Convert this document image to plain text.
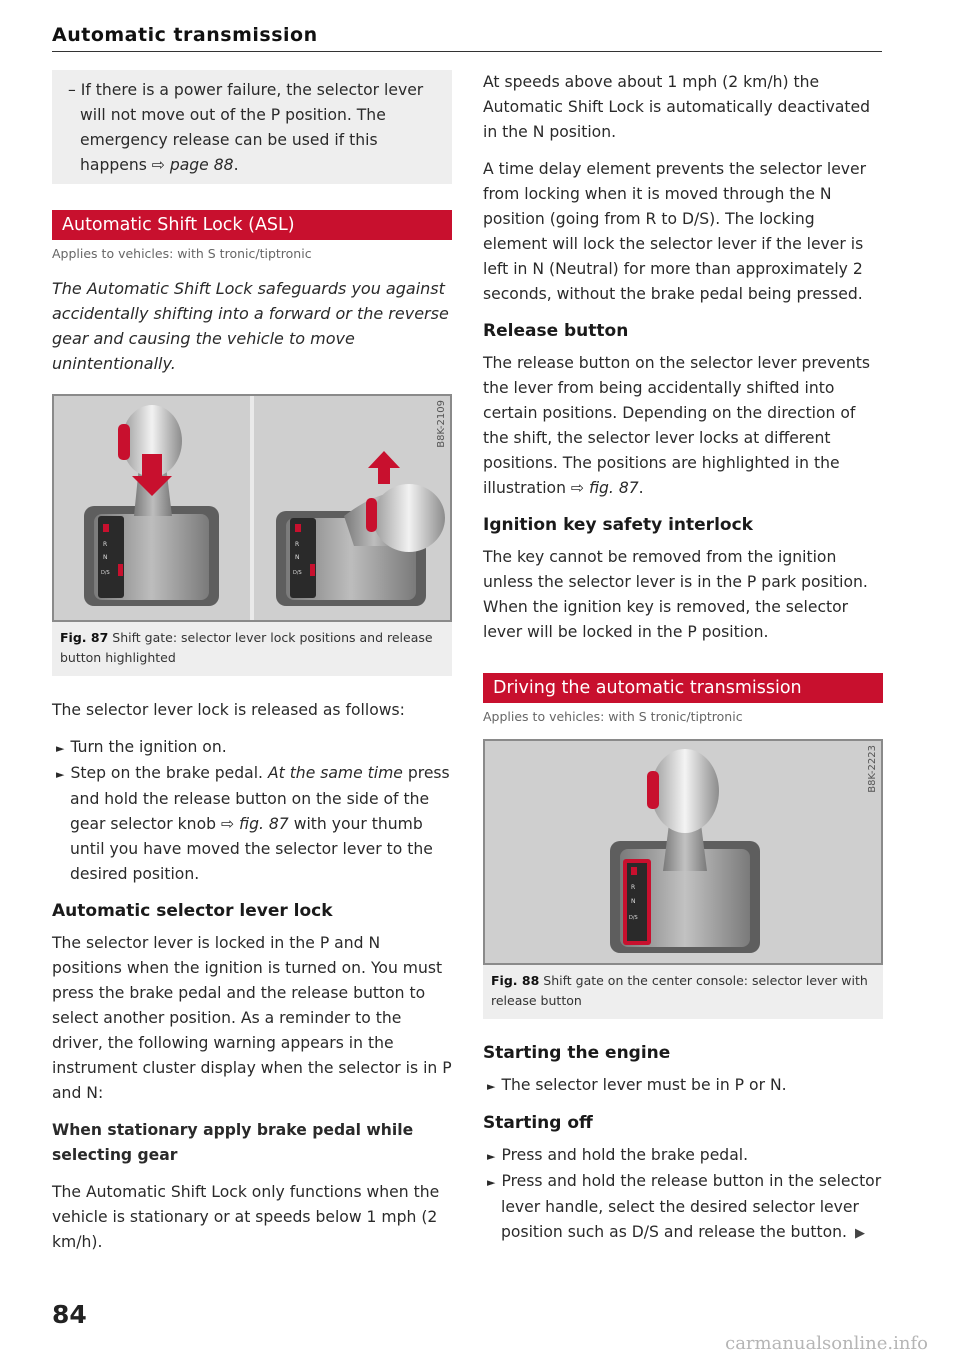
Automatic transmission

– If there is a power failure, the selector lever will not move out of the P position. The emergency release can be used if this happens ⇨ page 88.

Automatic Shift Lock (ASL)
Applies to vehicles: with S tronic/tiptronic

The Automatic Shift Lock safeguards you against accidentally shifting into a forward or the reverse gear and causing the vehicle to move unintentionally.

R
N
D/S
R
N
D/S
B8K-2109
Fig. 87 Shift gate: selector lever lock positions and release button highlighted

The selector lever lock is released as follows:

► Turn the ignition on.

► Step on the brake pedal. At the same time press and hold the release button on the side of the gear selector knob ⇨ fig. 87 with your thumb until you have moved the selector lever to the desired position.

Automatic selector lever lock

The selector lever is locked in the P and N positions when the ignition is turned on. You must press the brake pedal and the release button to select another position. As a reminder to the driver, the following warning appears in the instrument cluster display when the selector is in P and N:

When stationary apply brake pedal while selecting gear

The Automatic Shift Lock only functions when the vehicle is stationary or at speeds below 1 mph (2 km/h).

At speeds above about 1 mph (2 km/h) the Automatic Shift Lock is automatically deactivated in the N position.

A time delay element prevents the selector lever from locking when it is moved through the N position (going from R to D/S). The locking element will lock the selector lever if the lever is left in N (Neutral) for more than approximately 2 seconds, without the brake pedal being pressed.

Release button

The release button on the selector lever prevents the lever from being accidentally shifted into certain positions. Depending on the direction of the shift, the selector lever locks at different positions. The positions are highlighted in the illustration ⇨ fig. 87.

Ignition key safety interlock

The key cannot be removed from the ignition unless the selector lever is in the P park position. When the ignition key is removed, the selector lever will be locked in the P position.

Driving the automatic transmission
Applies to vehicles: with S tronic/tiptronic
R
N
D/S
B8K-2223
Fig. 88 Shift gate on the center console: selector lever with release button
Starting the engine

► The selector lever must be in P or N.

Starting off

► Press and hold the brake pedal.

► Press and hold the release button in the selector lever handle, select the desired selector lever position such as D/S and release the button. ▶

84
carmanualsonline.info
